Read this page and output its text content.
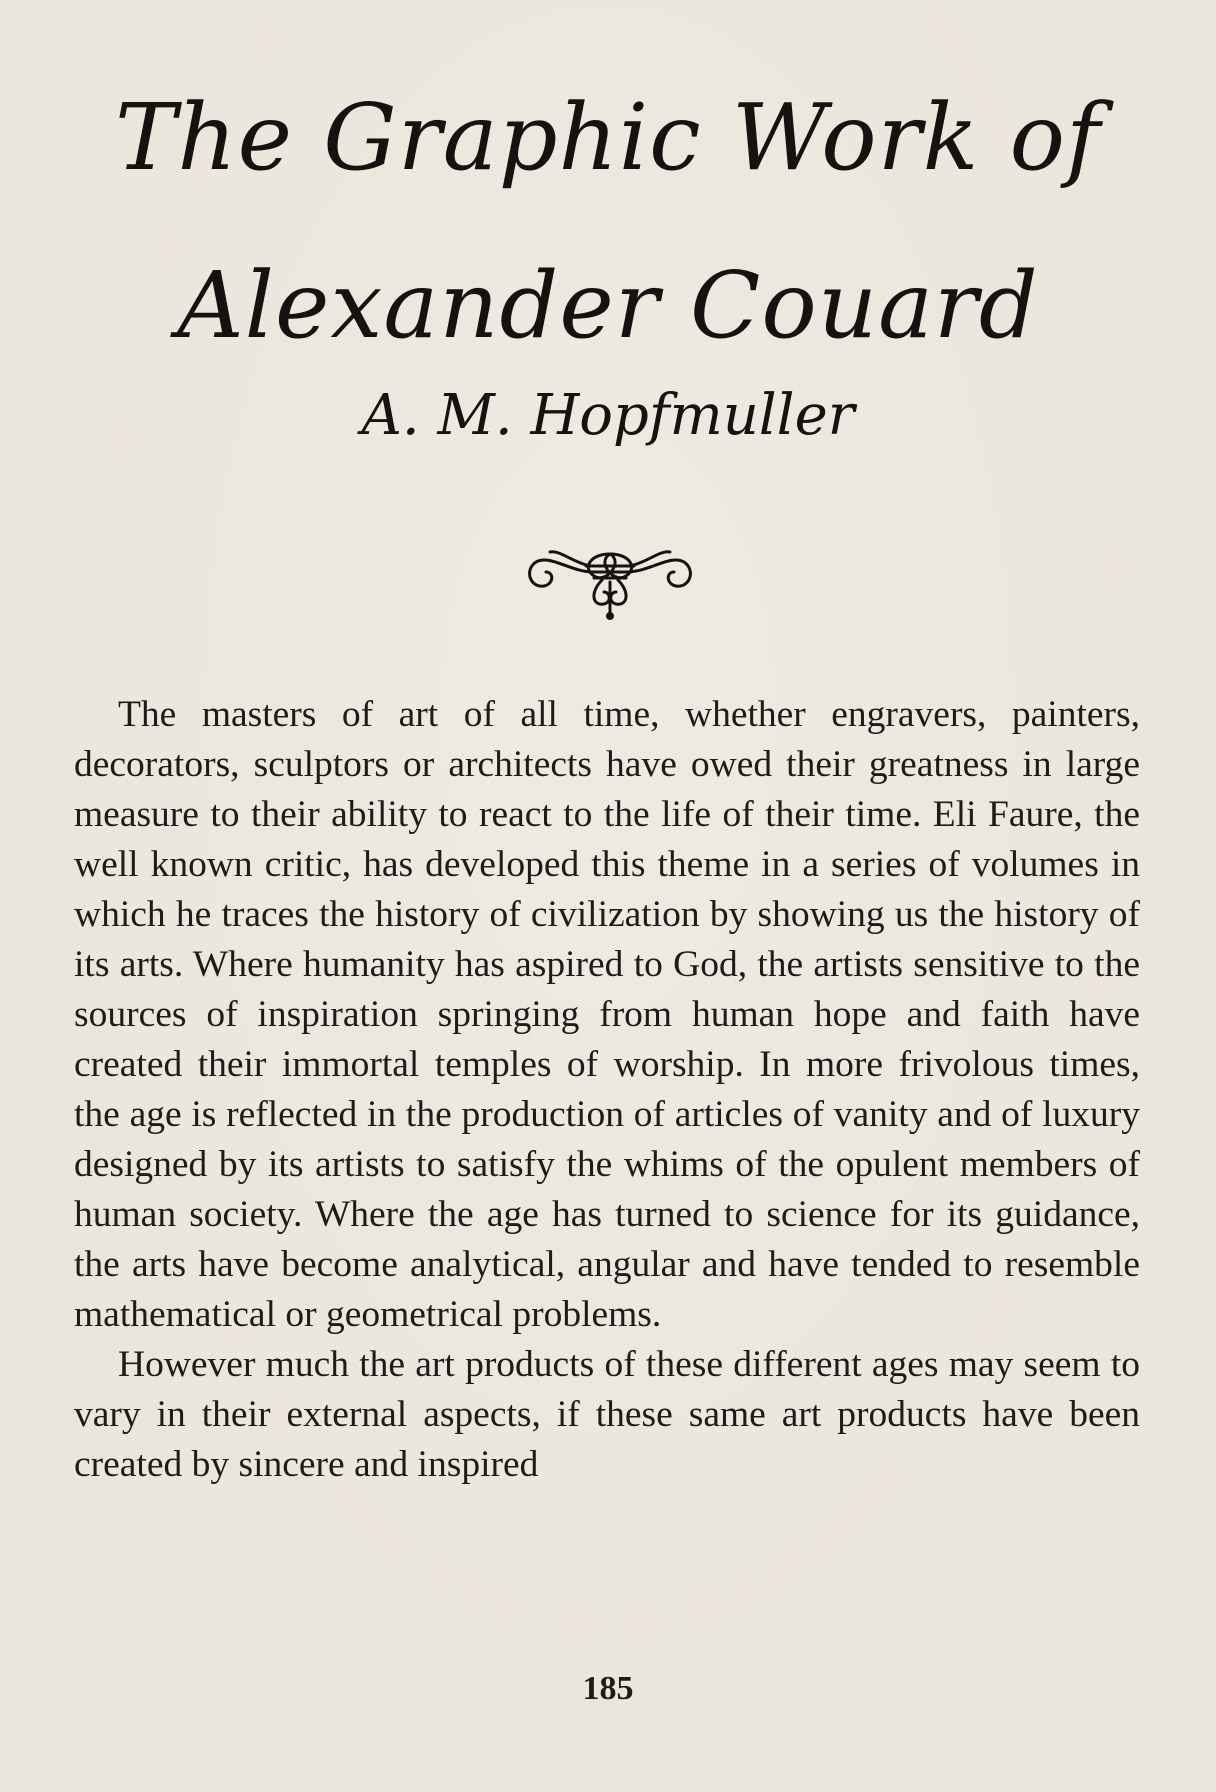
The Graphic Work of
Alexander Couard
A. M. Hopfmuller

The masters of art of all time, whether engravers, painters, decorators, sculptors or architects have owed their greatness in large measure to their ability to react to the life of their time. Eli Faure, the well known critic, has developed this theme in a series of volumes in which he traces the history of civilization by showing us the history of its arts. Where humanity has aspired to God, the artists sensitive to the sources of inspiration springing from human hope and faith have created their immortal temples of worship. In more frivolous times, the age is reflected in the production of articles of vanity and of luxury designed by its artists to satisfy the whims of the opulent members of human society. Where the age has turned to science for its guidance, the arts have become analytical, angular and have tended to resemble mathematical or geometrical problems.

However much the art products of these different ages may seem to vary in their external aspects, if these same art products have been created by sincere and inspired

185
